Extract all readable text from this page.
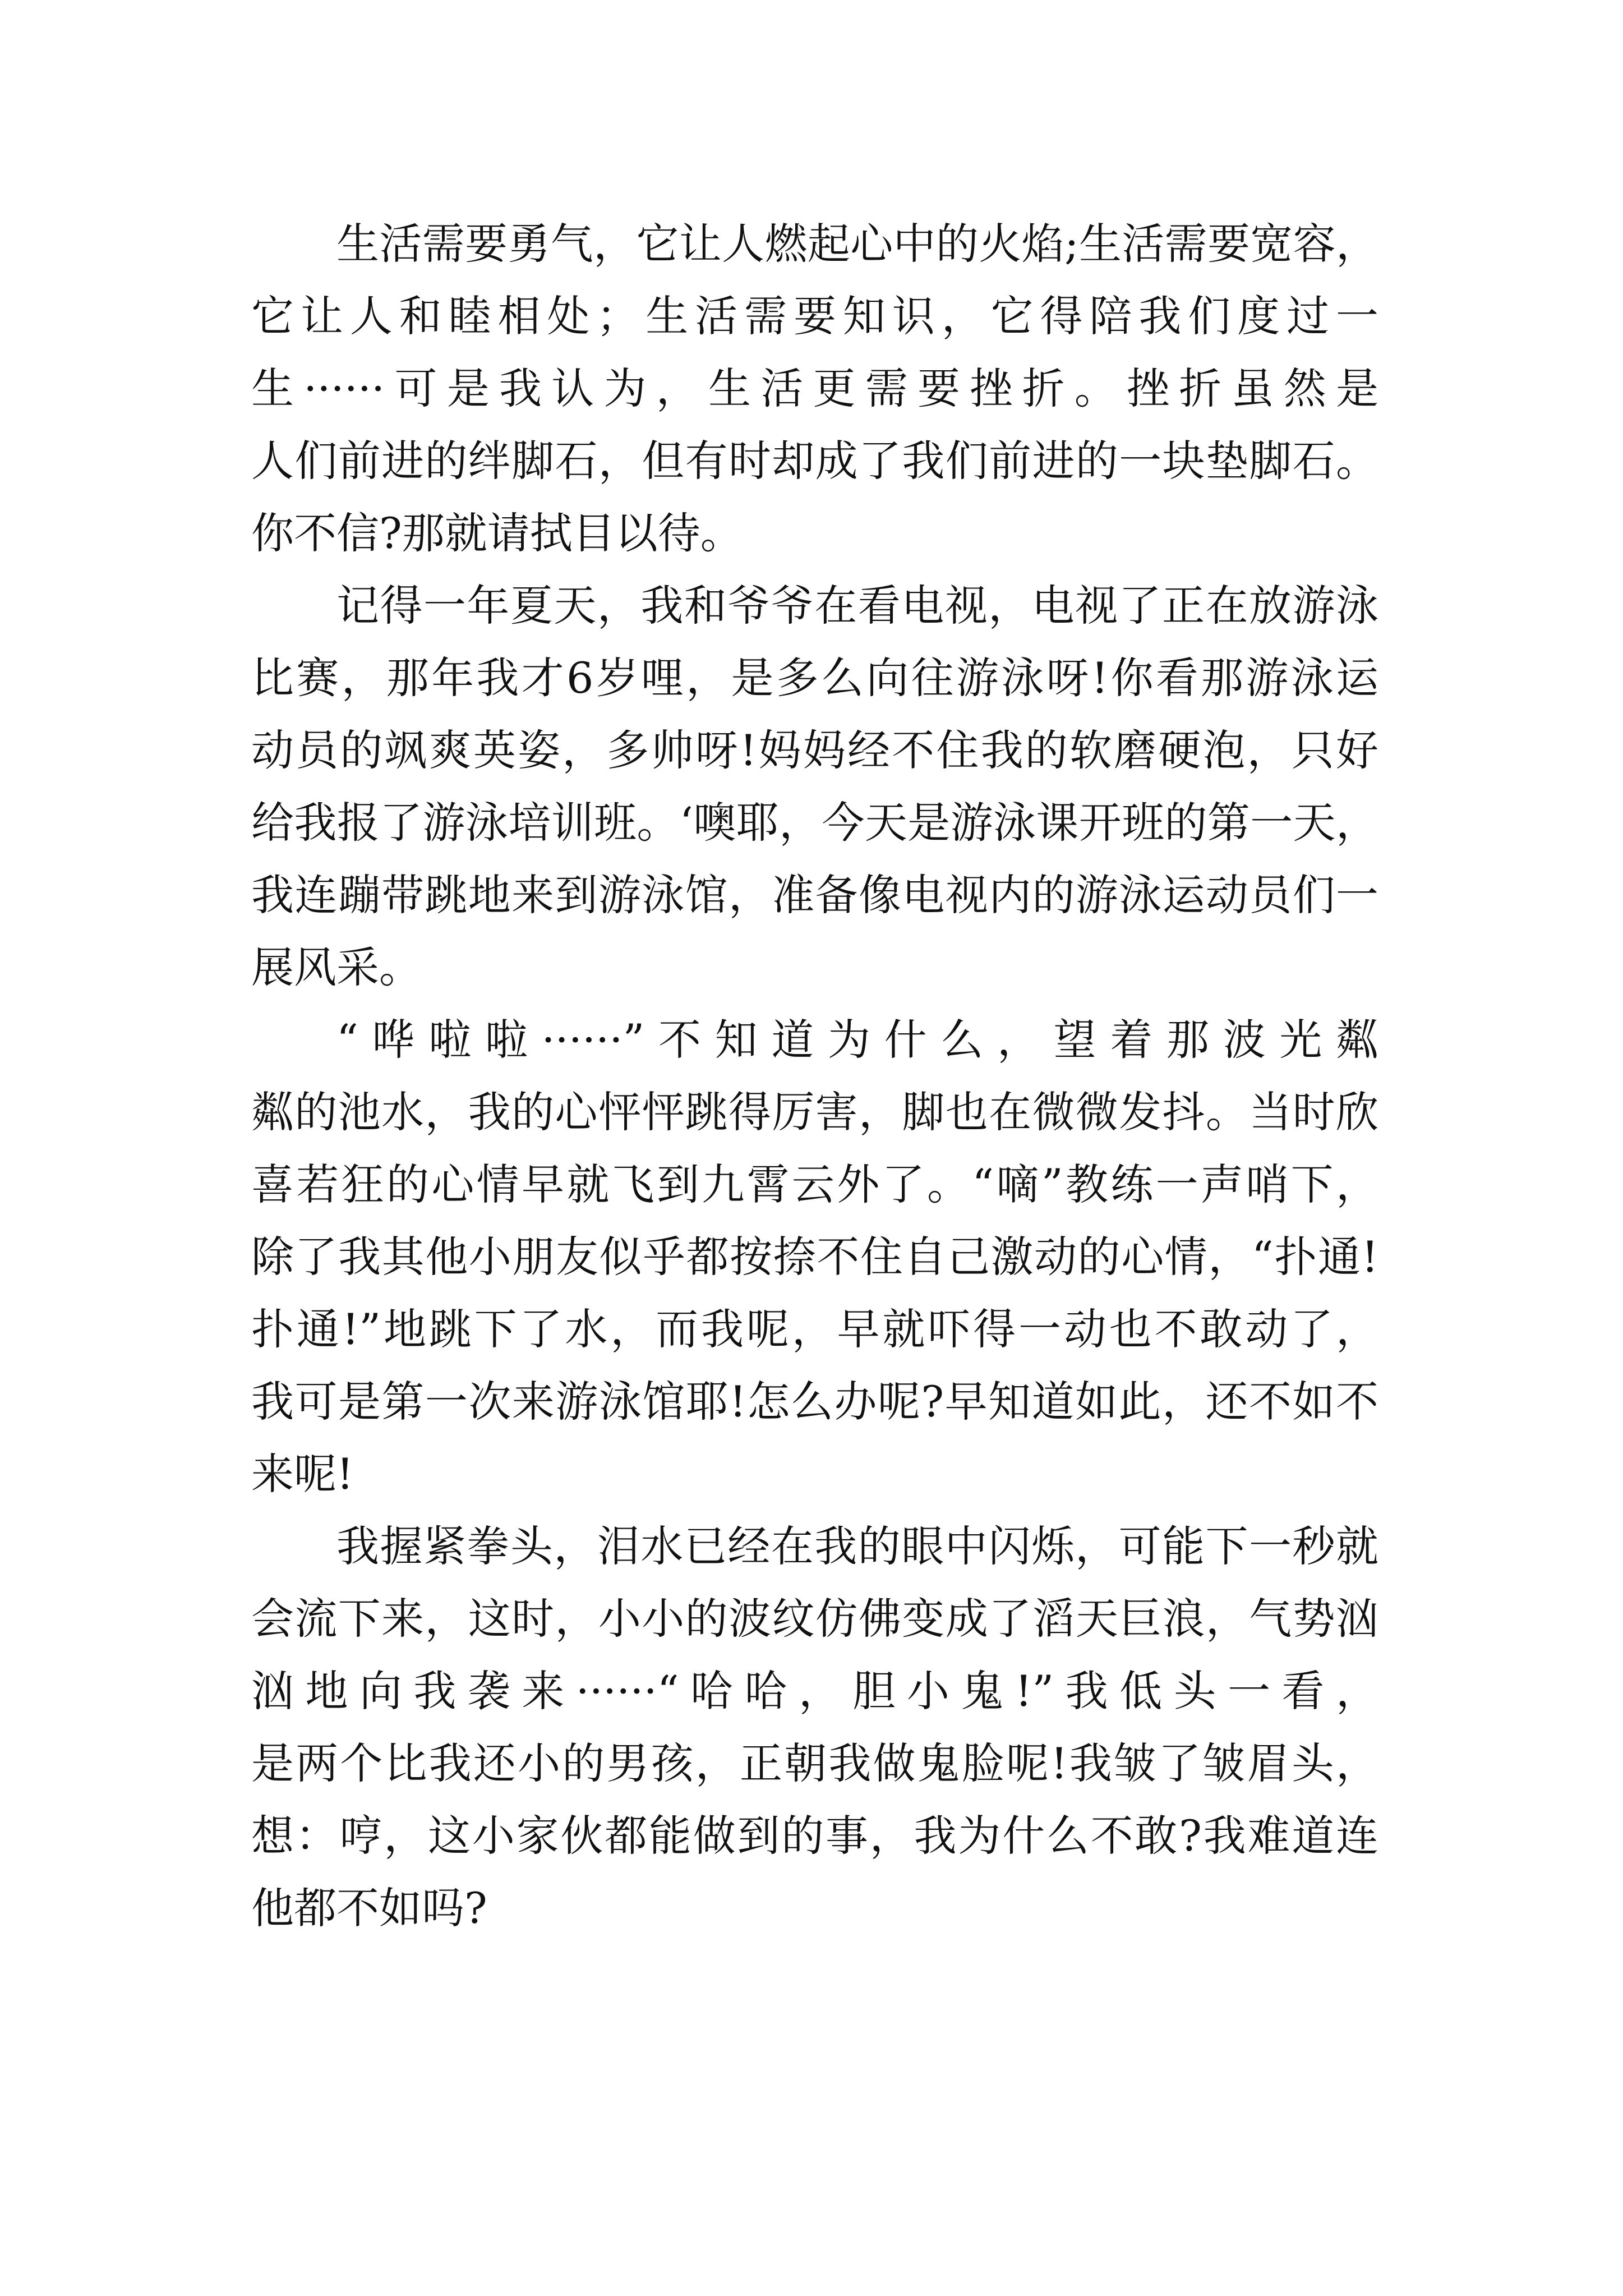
生活需要勇气，它让人燃起心中的火焰;生活需要宽容，
它让人和睦相处；生活需要知识，它得陪我们度过一
生······可是我认为，生活更需要挫折。挫折虽然是
人们前进的绊脚石，但有时却成了我们前进的一块垫脚石。
你不信?那就请拭目以待。
记得一年夏天，我和爷爷在看电视，电视了正在放游泳
比赛，那年我才6岁哩，是多么向往游泳呀!你看那游泳运
动员的飒爽英姿，多帅呀!妈妈经不住我的软磨硬泡，只好
给我报了游泳培训班。‘噢耶，今天是游泳课开班的第一天，
我连蹦带跳地来到游泳馆，准备像电视内的游泳运动员们一
展风采。
“哗啦啦······”不知道为什么，望着那波光粼
粼的池水，我的心怦怦跳得厉害，脚也在微微发抖。当时欣
喜若狂的心情早就飞到九霄云外了。“嘀”教练一声哨下，
除了我其他小朋友似乎都按捺不住自己激动的心情，“扑通!
扑通!”地跳下了水，而我呢，早就吓得一动也不敢动了，
我可是第一次来游泳馆耶!怎么办呢?早知道如此，还不如不
来呢!
我握紧拳头，泪水已经在我的眼中闪烁，可能下一秒就
会流下来，这时，小小的波纹仿佛变成了滔天巨浪，气势汹
汹地向我袭来······“哈哈，胆小鬼!”我低头一看，
是两个比我还小的男孩，正朝我做鬼脸呢!我皱了皱眉头，
想：哼，这小家伙都能做到的事，我为什么不敢?我难道连
他都不如吗?
